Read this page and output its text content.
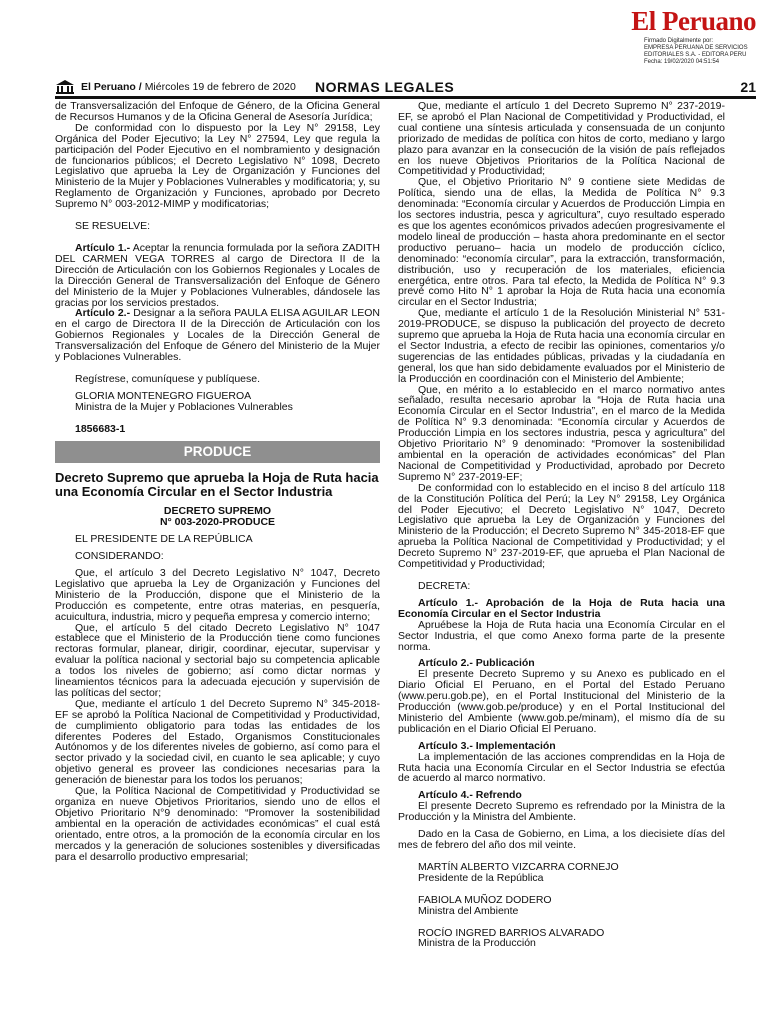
El Peruano
Firmado Digitalmente por:
EMPRESA PERUANA DE SERVICIOS
EDITORIALES S.A. - EDITORA PERU
Fecha: 19/02/2020 04:51:54
El Peruano / Miércoles 19 de febrero de 2020 NORMAS LEGALES	21

de Transversalización del Enfoque de Género, de la Oficina General de Recursos Humanos y de la Oficina General de Asesoría Jurídica;

De conformidad con lo dispuesto por la Ley N° 29158, Ley Orgánica del Poder Ejecutivo; la Ley N° 27594, Ley que regula la participación del Poder Ejecutivo en el nombramiento y designación de funcionarios públicos; el Decreto Legislativo N° 1098, Decreto Legislativo que aprueba la Ley de Organización y Funciones del Ministerio de la Mujer y Poblaciones Vulnerables y modificatoria; y, su Reglamento de Organización y Funciones, aprobado por Decreto Supremo N° 003-2012-MIMP y modificatorias;

SE RESUELVE:

Artículo 1.- Aceptar la renuncia formulada por la señora ZADITH DEL CARMEN VEGA TORRES al cargo de Directora II de la Dirección de Articulación con los Gobiernos Regionales y Locales de la Dirección General de Transversalización del Enfoque de Género del Ministerio de la Mujer y Poblaciones Vulnerables, dándosele las gracias por los servicios prestados.

Artículo 2.- Designar a la señora PAULA ELISA AGUILAR LEON en el cargo de Directora II de la Dirección de Articulación con los Gobiernos Regionales y Locales de la Dirección General de Transversalización del Enfoque de Género del Ministerio de la Mujer y Poblaciones Vulnerables.

Regístrese, comuníquese y publíquese.

GLORIA MONTENEGRO FIGUEROA

Ministra de la Mujer y Poblaciones Vulnerables

1856683-1

PRODUCE

Decreto Supremo que aprueba la Hoja de Ruta hacia una Economía Circular en el Sector Industria

DECRETO SUPREMO

N° 003-2020-PRODUCE

EL PRESIDENTE DE LA REPÚBLICA

CONSIDERANDO:

Que, el artículo 3 del Decreto Legislativo N° 1047, Decreto Legislativo que aprueba la Ley de Organización y Funciones del Ministerio de la Producción, dispone que el Ministerio de la Producción es competente, entre otras materias, en pesquería, acuicultura, industria, micro y pequeña empresa y comercio interno;

Que, el artículo 5 del citado Decreto Legislativo N° 1047 establece que el Ministerio de la Producción tiene como funciones rectoras formular, planear, dirigir, coordinar, ejecutar, supervisar y evaluar la política nacional y sectorial bajo su competencia aplicable a todos los niveles de gobierno; así como dictar normas y lineamientos técnicos para la adecuada ejecución y supervisión de las políticas del sector;

Que, mediante el artículo 1 del Decreto Supremo N° 345-2018-EF se aprobó la Política Nacional de Competitividad y Productividad, de cumplimiento obligatorio para todas las entidades de los diferentes Poderes del Estado, Organismos Constitucionales Autónomos y de los diferentes niveles de gobierno, así como para el sector privado y la sociedad civil, en cuanto le sea aplicable; y cuyo objetivo general es proveer las condiciones necesarias para la generación de bienestar para los todos los peruanos;

Que, la Política Nacional de Competitividad y Productividad se organiza en nueve Objetivos Prioritarios, siendo uno de ellos el Objetivo Prioritario N°9 denominado: “Promover la sostenibilidad ambiental en la operación de actividades económicas” el cual está orientado, entre otros, a la promoción de la economía circular en los mercados y la generación de soluciones sostenibles y diversificadas para el desarrollo productivo empresarial;

Que, mediante el artículo 1 del Decreto Supremo N° 237-2019-EF, se aprobó el Plan Nacional de Competitividad y Productividad, el cual contiene una síntesis articulada y consensuada de un conjunto priorizado de medidas de política con hitos de corto, mediano y largo plazo para avanzar en la consecución de la visión de país reflejados en los nueve Objetivos Prioritarios de la Política Nacional de Competitividad y Productividad;

Que, el Objetivo Prioritario N° 9 contiene siete Medidas de Política, siendo una de ellas, la Medida de Política N° 9.3 denominada: “Economía circular y Acuerdos de Producción Limpia en los sectores industria, pesca y agricultura”, cuyo resultado esperado es que los agentes económicos privados adecúen progresivamente el modelo lineal de producción – hasta ahora predominante en el sector productivo peruano– hacia un modelo de producción cíclico, denominado: “economía circular”, para la extracción, transformación, distribución, uso y recuperación de los materiales, eficiencia energética, entre otros. Para tal efecto, la Medida de Política N° 9.3 prevé como Hito N° 1 aprobar la Hoja de Ruta hacia una economía circular en el Sector Industria;

Que, mediante el artículo 1 de la Resolución Ministerial N° 531-2019-PRODUCE, se dispuso la publicación del proyecto de decreto supremo que aprueba la Hoja de Ruta hacia una economía circular en el Sector Industria, a efecto de recibir las opiniones, comentarios y/o sugerencias de las entidades públicas, privadas y la ciudadanía en general, los que han sido debidamente evaluados por el Ministerio de la Producción en coordinación con el Ministerio del Ambiente;

Que, en mérito a lo establecido en el marco normativo antes señalado, resulta necesario aprobar la “Hoja de Ruta hacia una Economía Circular en el Sector Industria”, en el marco de la Medida de Política N° 9.3 denominada: “Economía circular y Acuerdos de Producción Limpia en los sectores industria, pesca y agricultura” del Objetivo Prioritario N° 9 denominado: “Promover la sostenibilidad ambiental en la operación de actividades económicas” del Plan Nacional de Competitividad y Productividad, aprobado por Decreto Supremo N° 237-2019-EF;

De conformidad con lo establecido en el inciso 8 del artículo 118 de la Constitución Política del Perú; la Ley N° 29158, Ley Orgánica del Poder Ejecutivo; el Decreto Legislativo N° 1047, Decreto Legislativo que aprueba la Ley de Organización y Funciones del Ministerio de la Producción; el Decreto Supremo N° 345-2018-EF que aprueba la Política Nacional de Competitividad y Productividad; y el Decreto Supremo N° 237-2019-EF, que aprueba el Plan Nacional de Competitividad y Productividad;

DECRETA:

Artículo 1.- Aprobación de la Hoja de Ruta hacia una Economía Circular en el Sector Industria

Apruébese la Hoja de Ruta hacia una Economía Circular en el Sector Industria, el que como Anexo forma parte de la presente norma.

Artículo 2.- Publicación

El presente Decreto Supremo y su Anexo es publicado en el Diario Oficial El Peruano, en el Portal del Estado Peruano (www.peru.gob.pe), en el Portal Institucional del Ministerio de la Producción (www.gob.pe/produce) y en el Portal Institucional del Ministerio del Ambiente (www.gob.pe/minam), el mismo día de su publicación en el Diario Oficial El Peruano.

Artículo 3.- Implementación

La implementación de las acciones comprendidas en la Hoja de Ruta hacia una Economía Circular en el Sector Industria se efectúa de acuerdo al marco normativo.

Artículo 4.- Refrendo

El presente Decreto Supremo es refrendado por la Ministra de la Producción y la Ministra del Ambiente.

Dado en la Casa de Gobierno, en Lima, a los diecisiete días del mes de febrero del año dos mil veinte.

MARTÍN ALBERTO VIZCARRA CORNEJO

Presidente de la República

FABIOLA MUÑOZ DODERO

Ministra del Ambiente

ROCÍO INGRED BARRIOS ALVARADO

Ministra de la Producción
